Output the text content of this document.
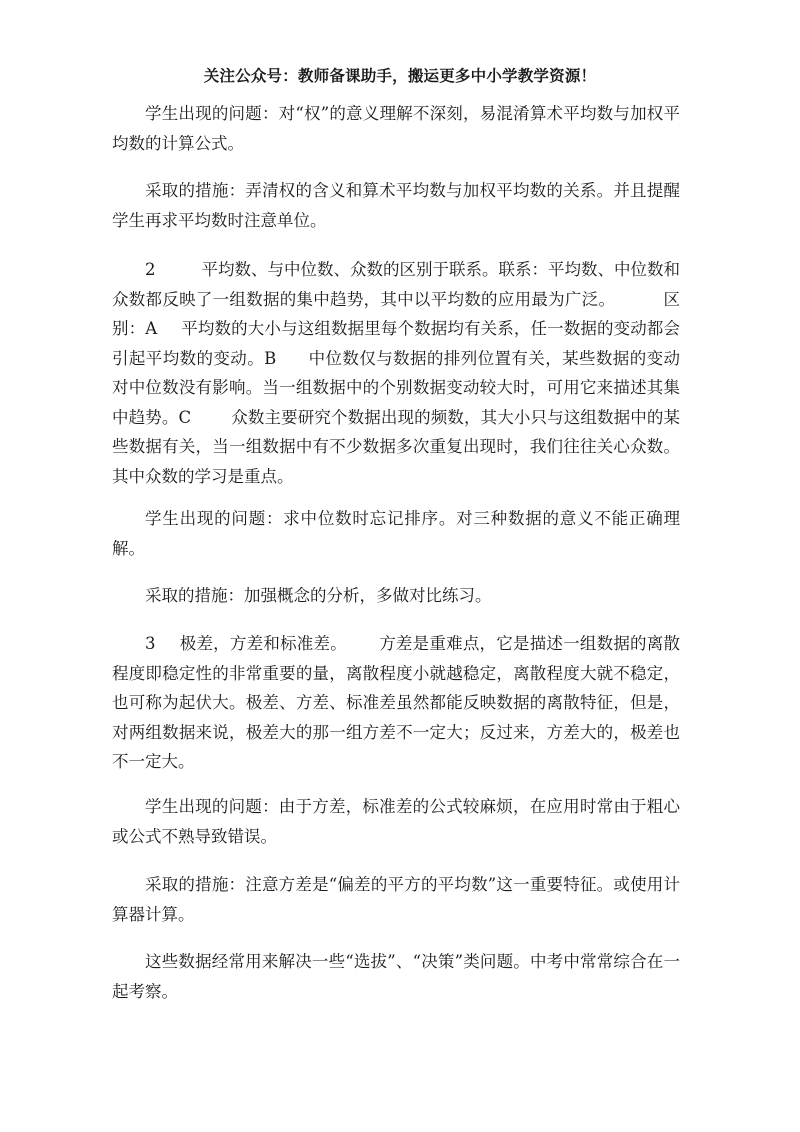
关注公众号：教师备课助手，搬运更多中小学教学资源！

学生出现的问题：对“权”的意义理解不深刻，易混淆算术平均数与加权平均数的计算公式。

采取的措施：弄清权的含义和算术平均数与加权平均数的关系。并且提醒学生再求平均数时注意单位。

2	平均数、与中位数、众数的区别于联系。联系：平均数、中位数和众数都反映了一组数据的集中趋势，其中以平均数的应用最为广泛。	区别：A 平均数的大小与这组数据里每个数据均有关系，任一数据的变动都会引起平均数的变动。B 中位数仅与数据的排列位置有关，某些数据的变动对中位数没有影响。当一组数据中的个别数据变动较大时，可用它来描述其集中趋势。C 众数主要研究个数据出现的频数，其大小只与这组数据中的某些数据有关，当一组数据中有不少数据多次重复出现时，我们往往关心众数。其中众数的学习是重点。

学生出现的问题：求中位数时忘记排序。对三种数据的意义不能正确理解。

采取的措施：加强概念的分析，多做对比练习。

3 极差，方差和标准差。 方差是重难点，它是描述一组数据的离散程度即稳定性的非常重要的量，离散程度小就越稳定，离散程度大就不稳定，也可称为起伏大。极差、方差、标准差虽然都能反映数据的离散特征，但是，对两组数据来说，极差大的那一组方差不一定大；反过来，方差大的，极差也不一定大。

学生出现的问题：由于方差，标准差的公式较麻烦，在应用时常由于粗心或公式不熟导致错误。

采取的措施：注意方差是“偏差的平方的平均数”这一重要特征。或使用计算器计算。

这些数据经常用来解决一些“选拔”、“决策”类问题。中考中常常综合在一起考察。
